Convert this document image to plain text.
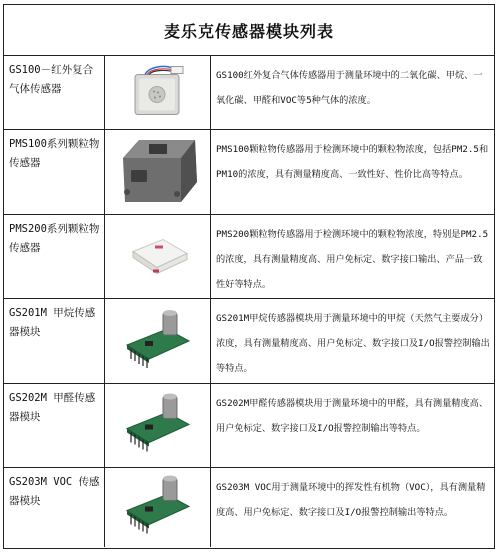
麦乐克传感器模块列表
GS100－红外复合气体传感器
GS100红外复合气体传感器用于测量环境中的二氧化碳、甲烷、一氧化碳、甲醛和VOC等5种气体的浓度。
PMS100系列颗粒物传感器
PMS100颗粒物传感器用于检测环境中的颗粒物浓度，包括PM2.5和PM10的浓度，具有测量精度高、一致性好、性价比高等特点。
PMS200系列颗粒物传感器
PMS200颗粒物传感器用于检测环境中的颗粒物浓度，特别是PM2.5的浓度，具有测量精度高、用户免标定、数字接口输出、产品一致性好等特点。
GS201M 甲烷传感器模块
GS201M甲烷传感器模块用于测量环境中的甲烷（天然气主要成分）浓度，具有测量精度高、用户免标定、数字接口及I/O报警控制输出等特点。
GS202M 甲醛传感器模块
GS202M甲醛传感器模块用于测量环境中的甲醛，具有测量精度高、用户免标定、数字接口及I/O报警控制输出等特点。
GS203M VOC 传感器模块
GS203M VOC用于测量环境中的挥发性有机物（VOC），具有测量精度高、用户免标定、数字接口及I/O报警控制输出等特点。
